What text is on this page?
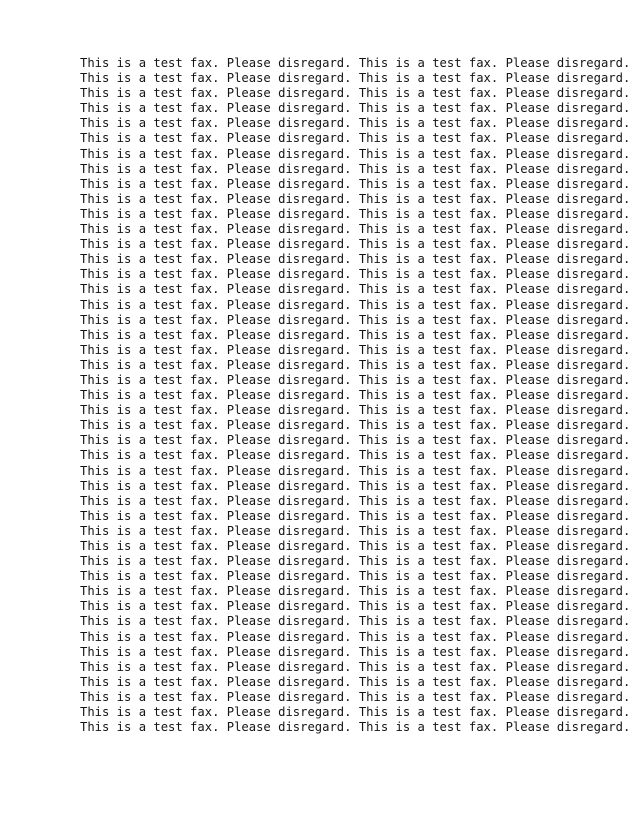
This is a test fax. Please disregard. This is a test fax. Please disregard.
This is a test fax. Please disregard. This is a test fax. Please disregard.
This is a test fax. Please disregard. This is a test fax. Please disregard.
This is a test fax. Please disregard. This is a test fax. Please disregard.
This is a test fax. Please disregard. This is a test fax. Please disregard.
This is a test fax. Please disregard. This is a test fax. Please disregard.
This is a test fax. Please disregard. This is a test fax. Please disregard.
This is a test fax. Please disregard. This is a test fax. Please disregard.
This is a test fax. Please disregard. This is a test fax. Please disregard.
This is a test fax. Please disregard. This is a test fax. Please disregard.
This is a test fax. Please disregard. This is a test fax. Please disregard.
This is a test fax. Please disregard. This is a test fax. Please disregard.
This is a test fax. Please disregard. This is a test fax. Please disregard.
This is a test fax. Please disregard. This is a test fax. Please disregard.
This is a test fax. Please disregard. This is a test fax. Please disregard.
This is a test fax. Please disregard. This is a test fax. Please disregard.
This is a test fax. Please disregard. This is a test fax. Please disregard.
This is a test fax. Please disregard. This is a test fax. Please disregard.
This is a test fax. Please disregard. This is a test fax. Please disregard.
This is a test fax. Please disregard. This is a test fax. Please disregard.
This is a test fax. Please disregard. This is a test fax. Please disregard.
This is a test fax. Please disregard. This is a test fax. Please disregard.
This is a test fax. Please disregard. This is a test fax. Please disregard.
This is a test fax. Please disregard. This is a test fax. Please disregard.
This is a test fax. Please disregard. This is a test fax. Please disregard.
This is a test fax. Please disregard. This is a test fax. Please disregard.
This is a test fax. Please disregard. This is a test fax. Please disregard.
This is a test fax. Please disregard. This is a test fax. Please disregard.
This is a test fax. Please disregard. This is a test fax. Please disregard.
This is a test fax. Please disregard. This is a test fax. Please disregard.
This is a test fax. Please disregard. This is a test fax. Please disregard.
This is a test fax. Please disregard. This is a test fax. Please disregard.
This is a test fax. Please disregard. This is a test fax. Please disregard.
This is a test fax. Please disregard. This is a test fax. Please disregard.
This is a test fax. Please disregard. This is a test fax. Please disregard.
This is a test fax. Please disregard. This is a test fax. Please disregard.
This is a test fax. Please disregard. This is a test fax. Please disregard.
This is a test fax. Please disregard. This is a test fax. Please disregard.
This is a test fax. Please disregard. This is a test fax. Please disregard.
This is a test fax. Please disregard. This is a test fax. Please disregard.
This is a test fax. Please disregard. This is a test fax. Please disregard.
This is a test fax. Please disregard. This is a test fax. Please disregard.
This is a test fax. Please disregard. This is a test fax. Please disregard.
This is a test fax. Please disregard. This is a test fax. Please disregard.
This is a test fax. Please disregard. This is a test fax. Please disregard.
